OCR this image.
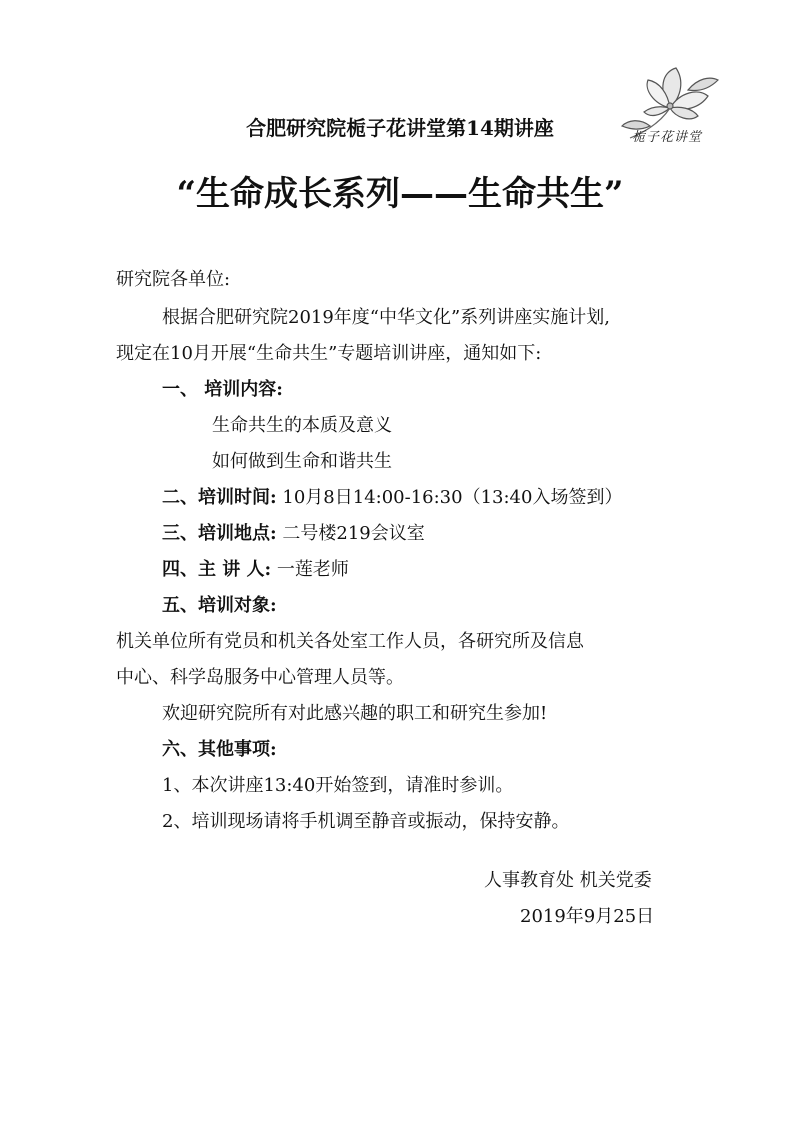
栀子花讲堂
合肥研究院栀子花讲堂第14期讲座
“生命成长系列——生命共生”
研究院各单位:
根据合肥研究院2019年度“中华文化”系列讲座实施计划,
现定在10月开展“生命共生”专题培训讲座，通知如下:
一、 培训内容:
生命共生的本质及意义
如何做到生命和谐共生
二、培训时间: 10月8日14:00-16:30（13:40入场签到）
三、培训地点: 二号楼219会议室
四、主 讲 人: 一莲老师
五、培训对象:
机关单位所有党员和机关各处室工作人员，各研究所及信息
中心、科学岛服务中心管理人员等。
欢迎研究院所有对此感兴趣的职工和研究生参加!
六、其他事项:
1、本次讲座13:40开始签到，请准时参训。
2、培训现场请将手机调至静音或振动，保持安静。
人事教育处 机关党委
2019年9月25日
